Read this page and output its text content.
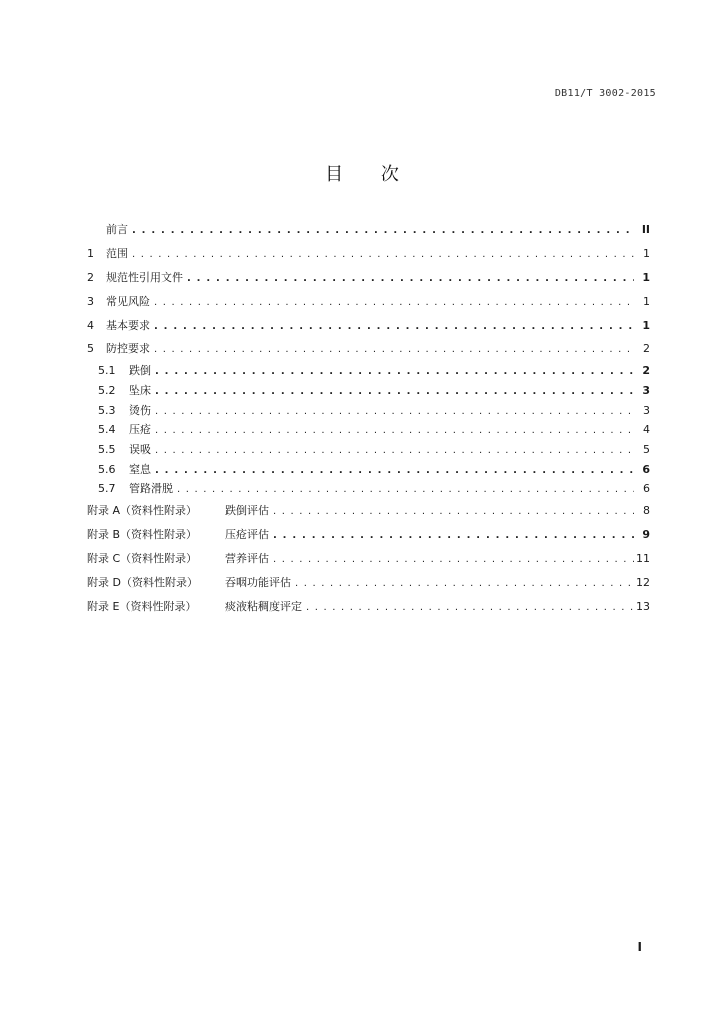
DB11/T 3002-2015
目 次
前言 . . .	II
1	范围 . . .	1
2	规范性引用文件 . . .	1
3	常见风险 . . .	1
4	基本要求 . . .	1
5	防控要求 . . .	2
5.1	跌倒 . . .	2
5.2	坠床 . . .	3
5.3	烫伤 . . .	3
5.4	压疮 . . .	4
5.5	误吸 . . .	5
5.6	窒息 . . .	6
5.7	管路滑脱 . . .	6
附录 A（资料性附录）	跌倒评估 . . .	8
附录 B（资料性附录）	压疮评估 . . .	9
附录 C（资料性附录）	营养评估 . . .	11
附录 D（资料性附录）	吞咽功能评估 . . .	12
附录 E（资料性附录）	痰液粘稠度评定 . . .	13
I
